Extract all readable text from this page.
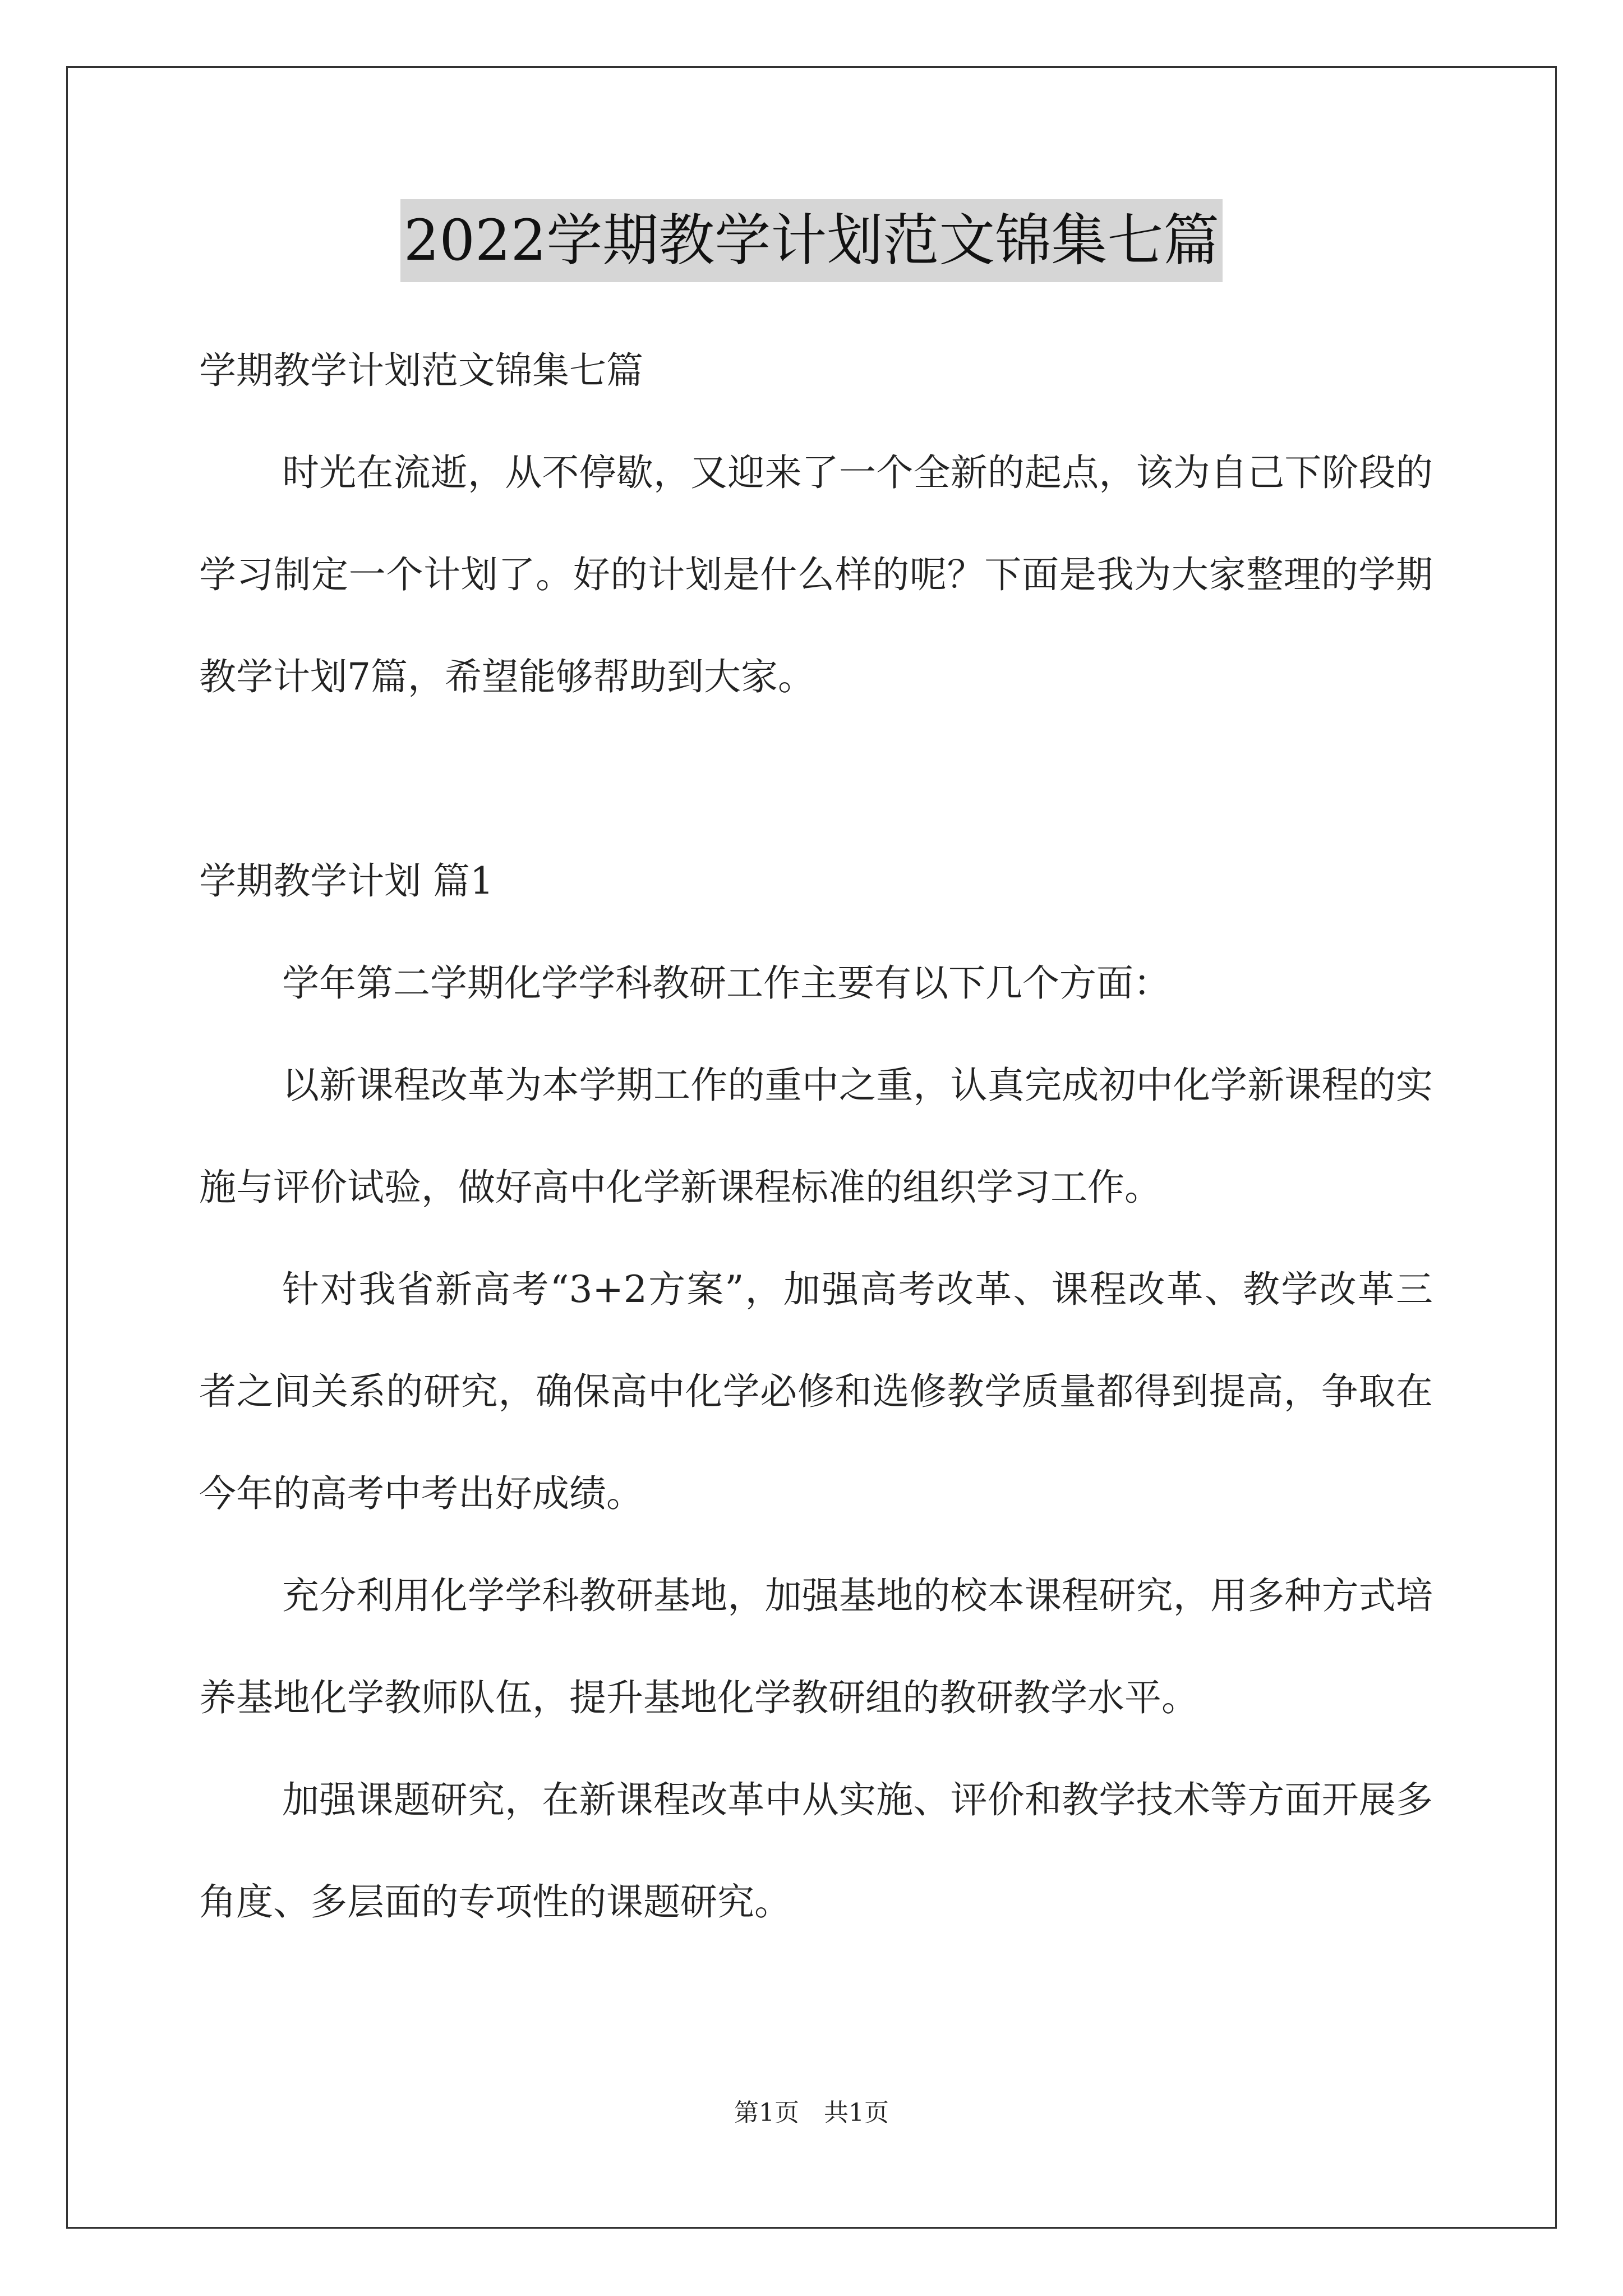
2022学期教学计划范文锦集七篇

学期教学计划范文锦集七篇

时光在流逝，从不停歇，又迎来了一个全新的起点，该为自己下阶段的学习制定一个计划了。好的计划是什么样的呢？下面是我为大家整理的学期教学计划7篇，希望能够帮助到大家。

学期教学计划 篇1

学年第二学期化学学科教研工作主要有以下几个方面：

以新课程改革为本学期工作的重中之重，认真完成初中化学新课程的实施与评价试验，做好高中化学新课程标准的组织学习工作。

针对我省新高考“3+2方案”，加强高考改革、课程改革、教学改革三者之间关系的研究，确保高中化学必修和选修教学质量都得到提高，争取在今年的高考中考出好成绩。

充分利用化学学科教研基地，加强基地的校本课程研究，用多种方式培养基地化学教师队伍，提升基地化学教研组的教研教学水平。

加强课题研究，在新课程改革中从实施、评价和教学技术等方面开展多角度、多层面的专项性的课题研究。

第1页　共1页
